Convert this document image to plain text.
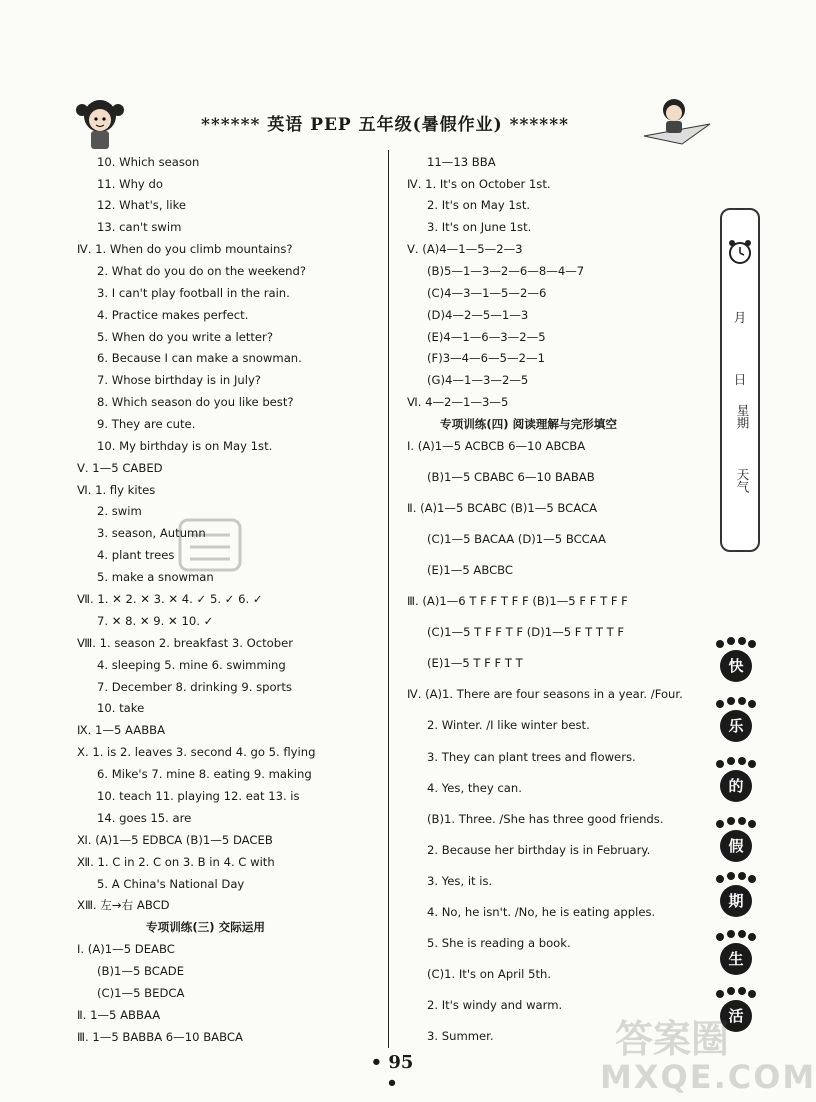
****** 英语 PEP 五年级(暑假作业) ******
10. Which season
11. Why do
12. What's, like
13. can't swim
Ⅳ. 1. When do you climb mountains?
2. What do you do on the weekend?
3. I can't play football in the rain.
4. Practice makes perfect.
5. When do you write a letter?
6. Because I can make a snowman.
7. Whose birthday is in July?
8. Which season do you like best?
9. They are cute.
10. My birthday is on May 1st.
Ⅴ. 1—5 CABED
Ⅵ. 1. fly kites
2. swim
3. season, Autumn
4. plant trees
5. make a snowman
Ⅶ. 1. ✕ 2. ✕ 3. ✕ 4. ✓ 5. ✓ 6. ✓
7. ✕ 8. ✕ 9. ✕ 10. ✓
Ⅷ. 1. season 2. breakfast 3. October
4. sleeping 5. mine 6. swimming
7. December 8. drinking 9. sports
10. take
Ⅸ. 1—5 AABBA
Ⅹ. 1. is 2. leaves 3. second 4. go 5. flying
6. Mike's 7. mine 8. eating 9. making
10. teach 11. playing 12. eat 13. is
14. goes 15. are
Ⅺ. (A)1—5 EDBCA (B)1—5 DACEB
Ⅻ. 1. C in 2. C on 3. B in 4. C with
5. A China's National Day
ⅩⅢ. 左→右 ABCD
专项训练(三) 交际运用
Ⅰ. (A)1—5 DEABC
(B)1—5 BCADE
(C)1—5 BEDCA
Ⅱ. 1—5 ABBAA
Ⅲ. 1—5 BABBA 6—10 BABCA
11—13 BBA
Ⅳ. 1. It's on October 1st.
2. It's on May 1st.
3. It's on June 1st.
Ⅴ. (A)4—1—5—2—3
(B)5—1—3—2—6—8—4—7
(C)4—3—1—5—2—6
(D)4—2—5—1—3
(E)4—1—6—3—2—5
(F)3—4—6—5—2—1
(G)4—1—3—2—5
Ⅵ. 4—2—1—3—5
专项训练(四) 阅读理解与完形填空
Ⅰ. (A)1—5 ACBCB 6—10 ABCBA
(B)1—5 CBABC 6—10 BABAB
Ⅱ. (A)1—5 BCABC (B)1—5 BCACA
(C)1—5 BACAA (D)1—5 BCCAA
(E)1—5 ABCBC
Ⅲ. (A)1—6 T F F T F F (B)1—5 F F T F F
(C)1—5 T F F T F (D)1—5 F T T T F
(E)1—5 T F F T T
Ⅳ. (A)1. There are four seasons in a year. /Four.
2. Winter. /I like winter best.
3. They can plant trees and flowers.
4. Yes, they can.
(B)1. Three. /She has three good friends.
2. Because her birthday is in February.
3. Yes, it is.
4. No, he isn't. /No, he is eating apples.
5. She is reading a book.
(C)1. It's on April 5th.
2. It's windy and warm.
3. Summer.
• 95 •
月
日
星期
天气
快
乐
的
假
期
生
活
答案圈
MXQE.COM
